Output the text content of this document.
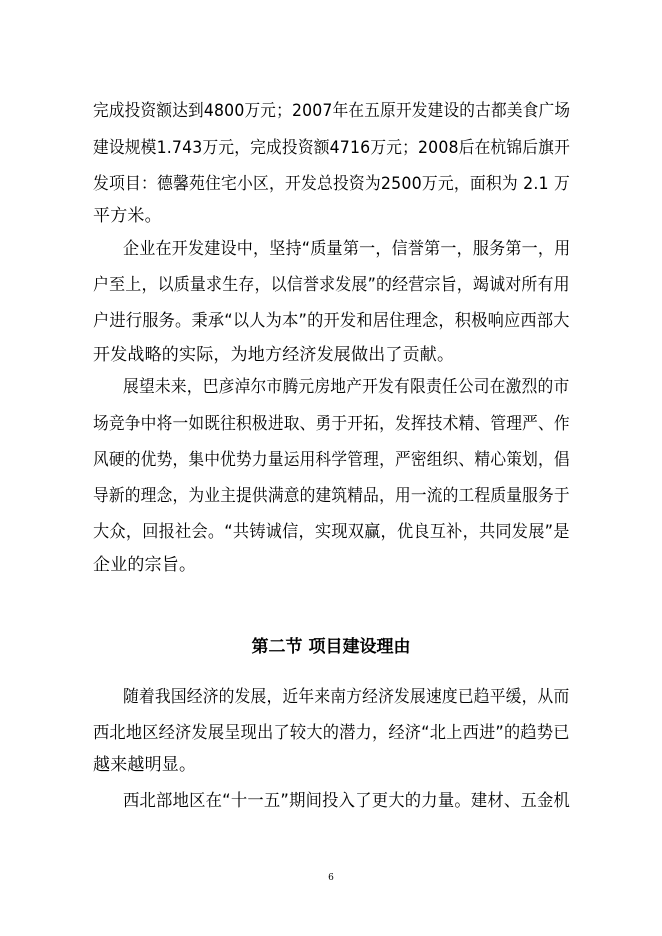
完成投资额达到4800万元；2007年在五原开发建设的古都美食广场
建设规模1.743万元，完成投资额4716万元；2008后在杭锦后旗开
发项目：德馨苑住宅小区，开发总投资为2500万元，面积为 2.1 万
平方米。
企业在开发建设中，坚持“质量第一，信誉第一，服务第一，用
户至上，以质量求生存，以信誉求发展”的经营宗旨，竭诚对所有用
户进行服务。秉承“以人为本”的开发和居住理念，积极响应西部大
开发战略的实际，为地方经济发展做出了贡献。
展望未来，巴彦淖尔市腾元房地产开发有限责任公司在激烈的市
场竞争中将一如既往积极进取、勇于开拓，发挥技术精、管理严、作
风硬的优势，集中优势力量运用科学管理，严密组织、精心策划，倡
导新的理念，为业主提供满意的建筑精品，用一流的工程质量服务于
大众，回报社会。“共铸诚信，实现双赢，优良互补，共同发展”是
企业的宗旨。
第二节 项目建设理由
随着我国经济的发展，近年来南方经济发展速度已趋平缓，从而
西北地区经济发展呈现出了较大的潜力，经济“北上西进”的趋势已
越来越明显。
西北部地区在“十一五”期间投入了更大的力量。建材、五金机
6
